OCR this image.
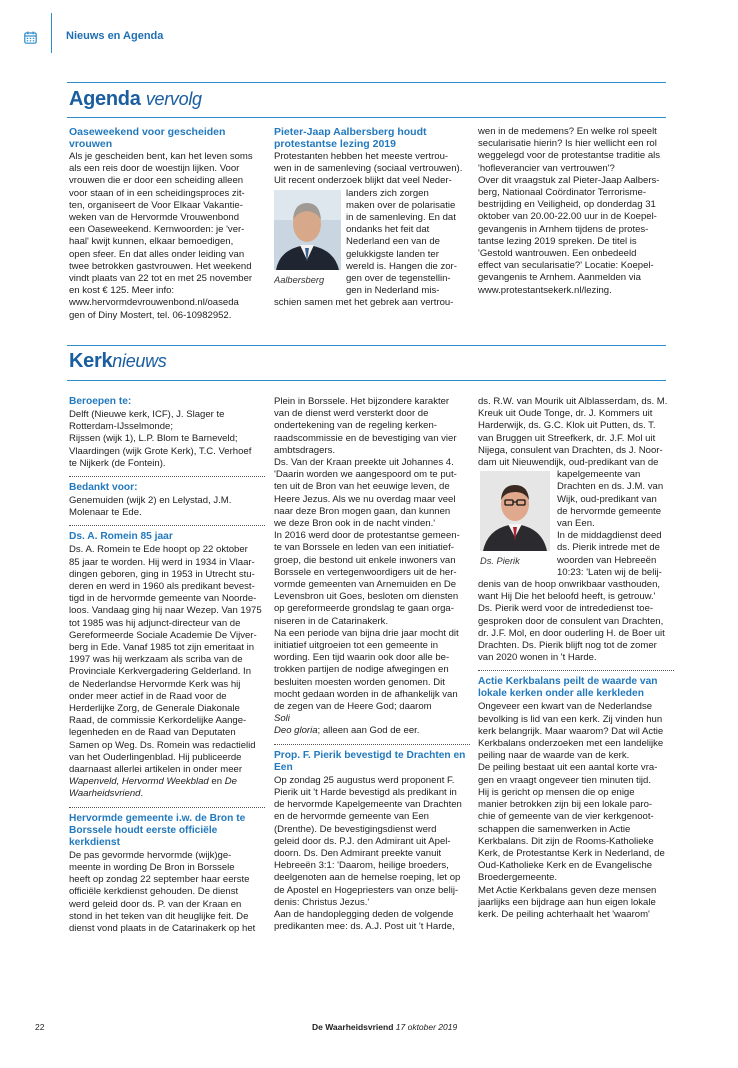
Nieuws en Agenda
Agenda vervolg
Oaseweekend voor gescheiden vrouwen

Als je gescheiden bent, kan het leven soms

als een reis door de woestijn lijken. Voor

vrouwen die er door een scheiding alleen

voor staan of in een scheidingsproces zit-

ten, organiseert de Voor Elkaar Vakantie-

weken van de Hervormde Vrouwenbond

een Oaseweekend. Kernwoorden: je 'ver-

haal' kwijt kunnen, elkaar bemoedigen,

open sfeer. En dat alles onder leiding van

twee betrokken gastvrouwen. Het weekend

vindt plaats van 22 tot en met 25 november

en kost € 125. Meer info:

www.hervormdevrouwenbond.nl/oaseda

gen of Diny Mostert, tel. 06-10982952.

Pieter-Jaap Aalbersberg houdt protestantse lezing 2019

Protestanten hebben het meeste vertrou-

wen in de samenleving (sociaal vertrouwen).

Uit recent onderzoek blijkt dat veel Neder-

Aalbersberg

landers zich zorgen

maken over de polarisatie

in de samenleving. En dat

ondanks het feit dat

Nederland een van de

gelukkigste landen ter

wereld is. Hangen die zor-

gen over de tegenstellin-

gen in Nederland mis-

schien samen met het gebrek aan vertrou-

wen in de medemens? En welke rol speelt

secularisatie hierin? Is hier wellicht een rol

weggelegd voor de protestantse traditie als

'hofleverancier van vertrouwen'?

Over dit vraagstuk zal Pieter-Jaap Aalbers-

berg, Nationaal Coördinator Terrorisme-

bestrijding en Veiligheid, op donderdag 31

oktober van 20.00-22.00 uur in de Koepel-

gevangenis in Arnhem tijdens de protes-

tantse lezing 2019 spreken. De titel is

'Gestold wantrouwen. Een onbedeeld

effect van secularisatie?' Locatie: Koepel-

gevangenis te Arnhem. Aanmelden via

www.protestantsekerk.nl/lezing.

Kerknieuws
Beroepen te:

Delft (Nieuwe kerk, ICF), J. Slager te

Rotterdam-IJsselmonde;

Rijssen (wijk 1), L.P. Blom te Barneveld;

Vlaardingen (wijk Grote Kerk), T.C. Verhoef

te Nijkerk (de Fontein).

Bedankt voor:

Genemuiden (wijk 2) en Lelystad, J.M.

Molenaar te Ede.

Ds. A. Romein 85 jaar

Ds. A. Romein te Ede hoopt op 22 oktober

85 jaar te worden. Hij werd in 1934 in Vlaar-

dingen geboren, ging in 1953 in Utrecht stu-

deren en werd in 1960 als predikant bevest-

tigd in de hervormde gemeente van Noorde-

loos. Vandaag ging hij naar Wezep. Van 1975

tot 1985 was hij adjunct-directeur van de

Gereformeerde Sociale Academie De Vijver-

berg in Ede. Vanaf 1985 tot zijn emeritaat in

1997 was hij werkzaam als scriba van de

Provinciale Kerkvergadering Gelderland. In

de Nederlandse Hervormde Kerk was hij

onder meer actief in de Raad voor de

Herderlijke Zorg, de Generale Diakonale

Raad, de commissie Kerkordelijke Aange-

legenheden en de Raad van Deputaten

Samen op Weg. Ds. Romein was redactielid

van het Ouderlingenblad. Hij publiceerde

daarnaast allerlei artikelen in onder meer

Wapenveld, Hervormd Weekblad en De

Waarheidsvriend.

Hervormde gemeente i.w. de Bron te Borssele houdt eerste officiële kerkdienst

De pas gevormde hervormde (wijk)ge-

meente in wording De Bron in Borssele

heeft op zondag 22 september haar eerste

officiële kerkdienst gehouden. De dienst

werd geleid door ds. P. van der Kraan en

stond in het teken van dit heuglijke feit. De

dienst vond plaats in de Catarinakerk op het

Plein in Borssele. Het bijzondere karakter

van de dienst werd versterkt door de

ondertekening van de regeling kerken-

raadscommissie en de bevestiging van vier

ambtsdragers.

Ds. Van der Kraan preekte uit Johannes 4.

'Daarin worden we aangespoord om te put-

ten uit de Bron van het eeuwige leven, de

Heere Jezus. Als we nu overdag maar veel

naar deze Bron mogen gaan, dan kunnen

we deze Bron ook in de nacht vinden.'

In 2016 werd door de protestantse gemeen-

te van Borssele en leden van een initiatief-

groep, die bestond uit enkele inwoners van

Borssele en vertegenwoordigers uit de her-

vormde gemeenten van Arnemuiden en De

Levensbron uit Goes, besloten om diensten

op gereformeerde grondslag te gaan orga-

niseren in de Catarinakerk.

Na een periode van bijna drie jaar mocht dit

initiatief uitgroeien tot een gemeente in

wording. Een tijd waarin ook door alle be-

trokken partijen de nodige afwegingen en

besluiten moesten worden genomen. Dit

mocht gedaan worden in de afhankelijk van

de zegen van de Heere God; daarom

Soli

Deo gloria; alleen aan God de eer.

Prop. F. Pierik bevestigd te Drachten en Een

Op zondag 25 augustus werd proponent F.

Pierik uit 't Harde bevestigd als predikant in

de hervormde Kapelgemeente van Drachten

en de hervormde gemeente van Een

(Drenthe). De bevestigingsdienst werd

geleid door ds. P.J. den Admirant uit Apel-

doorn. Ds. Den Admirant preekte vanuit

Hebreeën 3:1: 'Daarom, heilige broeders,

deelgenoten aan de hemelse roeping, let op

de Apostel en Hogepriesters van onze belij-

denis: Christus Jezus.'

Aan de handoplegging deden de volgende

predikanten mee: ds. A.J. Post uit 't Harde,

ds. R.W. van Mourik uit Alblasserdam, ds. M.

Kreuk uit Oude Tonge, dr. J. Kommers uit

Harderwijk, ds. G.C. Klok uit Putten, ds. T.

van Bruggen uit Streefkerk, dr. J.F. Mol uit

Nijega, consulent van Drachten, ds J. Noor-

dam uit Nieuwendijk, oud-predikant van de

Ds. Pierik

kapelgemeente van

Drachten en ds. J.M. van

Wijk, oud-predikant van

de hervormde gemeente

van Een.

In de middagdienst deed

ds. Pierik intrede met de

woorden van Hebreeën

10:23: 'Laten wij de belij-

denis van de hoop onwrikbaar vasthouden,

want Hij Die het beloofd heeft, is getrouw.'

Ds. Pierik werd voor de intrededienst toe-

gesproken door de consulent van Drachten,

dr. J.F. Mol, en door ouderling H. de Boer uit

Drachten. Ds. Pierik blijft nog tot de zomer

van 2020 wonen in 't Harde.

Actie Kerkbalans peilt de waarde van lokale kerken onder alle kerkleden

Ongeveer een kwart van de Nederlandse

bevolking is lid van een kerk. Zij vinden hun

kerk belangrijk. Maar waarom? Dat wil Actie

Kerkbalans onderzoeken met een landelijke

peiling naar de waarde van de kerk.

De peiling bestaat uit een aantal korte vra-

gen en vraagt ongeveer tien minuten tijd.

Hij is gericht op mensen die op enige

manier betrokken zijn bij een lokale paro-

chie of gemeente van de vier kerkgenoot-

schappen die samenwerken in Actie

Kerkbalans. Dit zijn de Rooms-Katholieke

Kerk, de Protestantse Kerk in Nederland, de

Oud-Katholieke Kerk en de Evangelische

Broedergemeente.

Met Actie Kerkbalans geven deze mensen

jaarlijks een bijdrage aan hun eigen lokale

kerk. De peiling achterhaalt het 'waarom'

22	De Waarheidsvriend 17 oktober 2019
